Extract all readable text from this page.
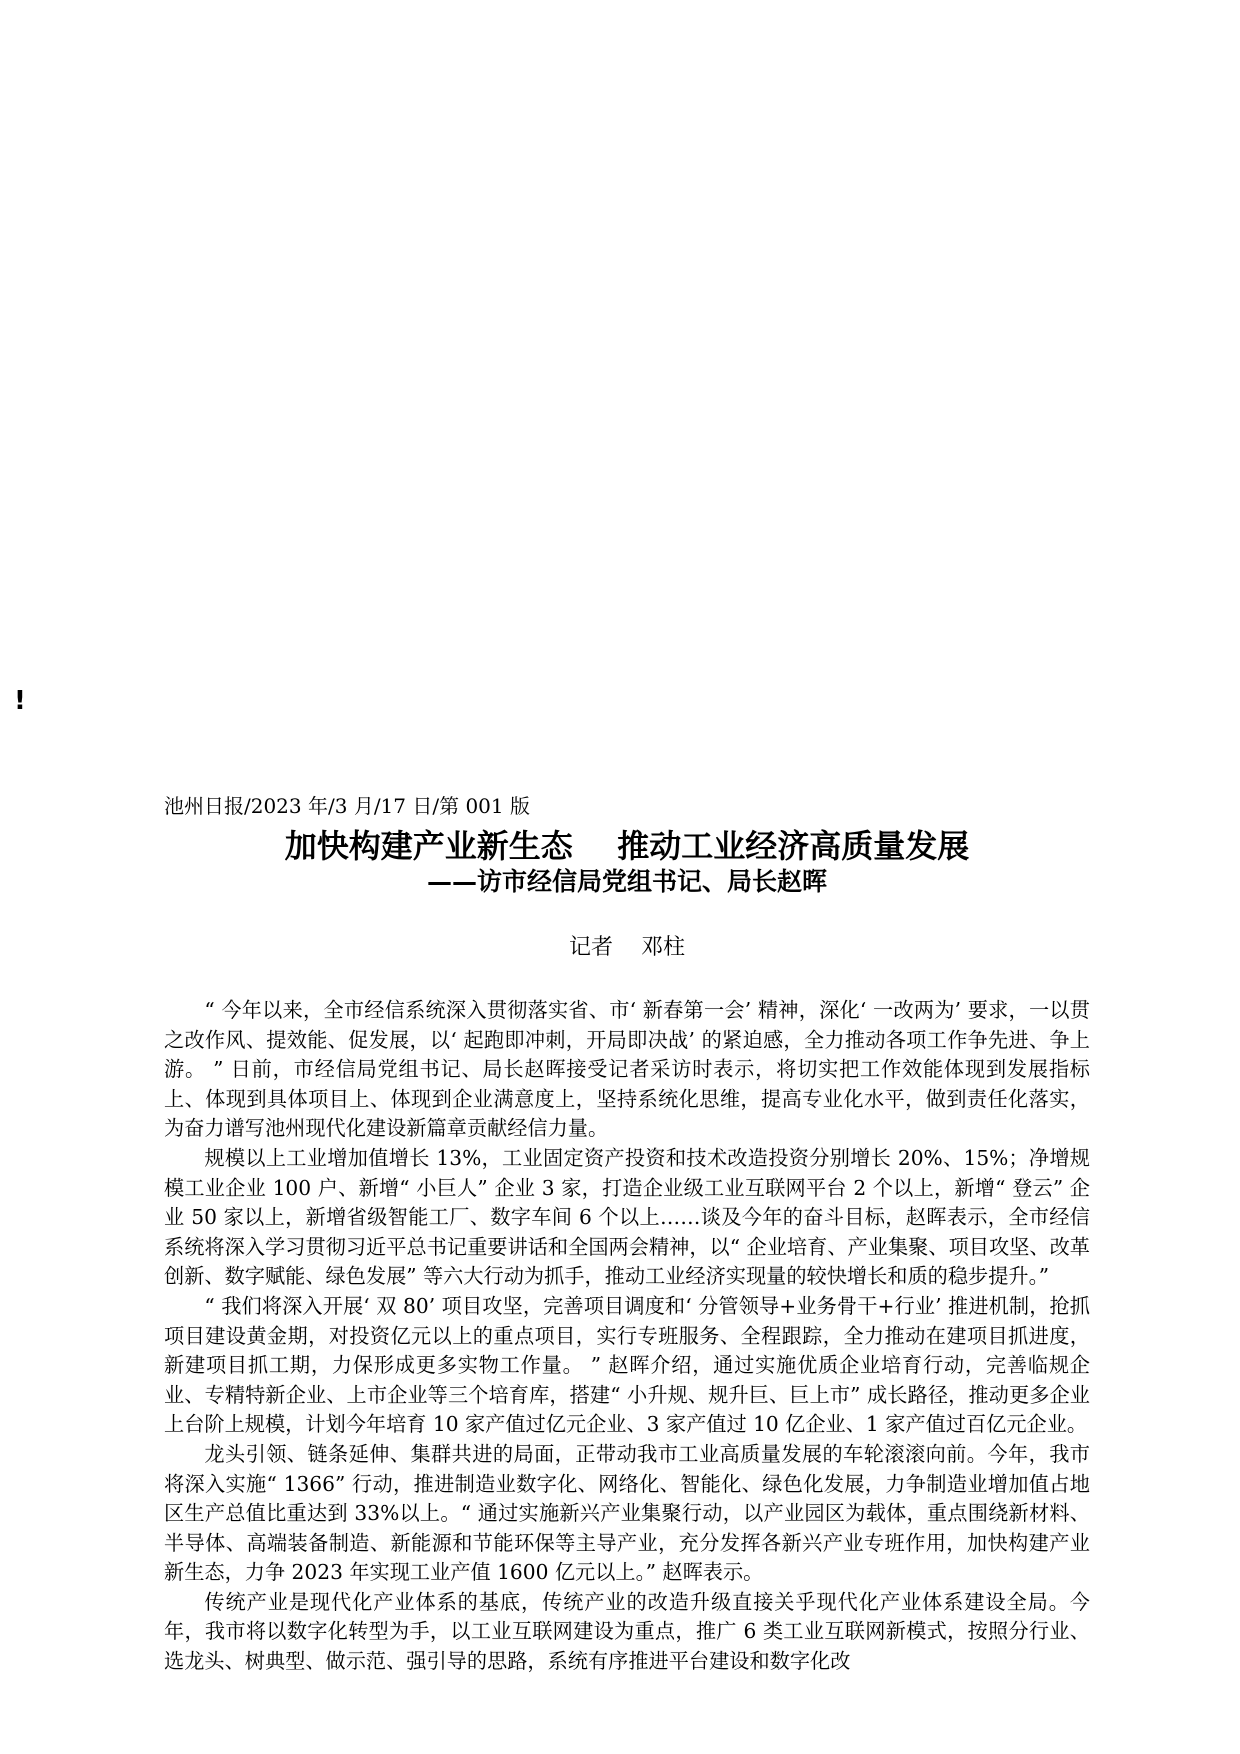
!

池州日报/2023 年/3 月/17 日/第 001 版

加快构建产业新生态    推动工业经济高质量发展
——访市经信局党组书记、局长赵晖

记者    邓柱

“ 今年以来，全市经信系统深入贯彻落实省、市‘ 新春第一会’ 精神，深化‘ 一改两为’ 要求，一以贯之改作风、提效能、促发展，以‘ 起跑即冲刺，开局即决战’ 的紧迫感，全力推动各项工作争先进、争上游。 ” 日前，市经信局党组书记、局长赵晖接受记者采访时表示，将切实把工作效能体现到发展指标上、体现到具体项目上、体现到企业满意度上，坚持系统化思维，提高专业化水平，做到责任化落实，为奋力谱写池州现代化建设新篇章贡献经信力量。

规模以上工业增加值增长 13%，工业固定资产投资和技术改造投资分别增长 20%、15%；净增规模工业企业 100 户、新增“ 小巨人” 企业 3 家，打造企业级工业互联网平台 2 个以上，新增“ 登云” 企业 50 家以上，新增省级智能工厂、数字车间 6 个以上……谈及今年的奋斗目标，赵晖表示，全市经信系统将深入学习贯彻习近平总书记重要讲话和全国两会精神，以“ 企业培育、产业集聚、项目攻坚、改革创新、数字赋能、绿色发展” 等六大行动为抓手，推动工业经济实现量的较快增长和质的稳步提升。”

“ 我们将深入开展‘ 双 80’ 项目攻坚，完善项目调度和‘ 分管领导+业务骨干+行业’ 推进机制，抢抓项目建设黄金期，对投资亿元以上的重点项目，实行专班服务、全程跟踪，全力推动在建项目抓进度，新建项目抓工期，力保形成更多实物工作量。 ” 赵晖介绍，通过实施优质企业培育行动，完善临规企业、专精特新企业、上市企业等三个培育库，搭建“ 小升规、规升巨、巨上市” 成长路径，推动更多企业上台阶上规模，计划今年培育 10 家产值过亿元企业、3 家产值过 10 亿企业、1 家产值过百亿元企业。

龙头引领、链条延伸、集群共进的局面，正带动我市工业高质量发展的车轮滚滚向前。今年，我市将深入实施“ 1366” 行动，推进制造业数字化、网络化、智能化、绿色化发展，力争制造业增加值占地区生产总值比重达到 33%以上。“ 通过实施新兴产业集聚行动，以产业园区为载体，重点围绕新材料、半导体、高端装备制造、新能源和节能环保等主导产业，充分发挥各新兴产业专班作用，加快构建产业新生态，力争 2023 年实现工业产值 1600 亿元以上。” 赵晖表示。

传统产业是现代化产业体系的基底，传统产业的改造升级直接关乎现代化产业体系建设全局。今年，我市将以数字化转型为手，以工业互联网建设为重点，推广 6 类工业互联网新模式，按照分行业、选龙头、树典型、做示范、强引导的思路，系统有序推进平台建设和数字化改
